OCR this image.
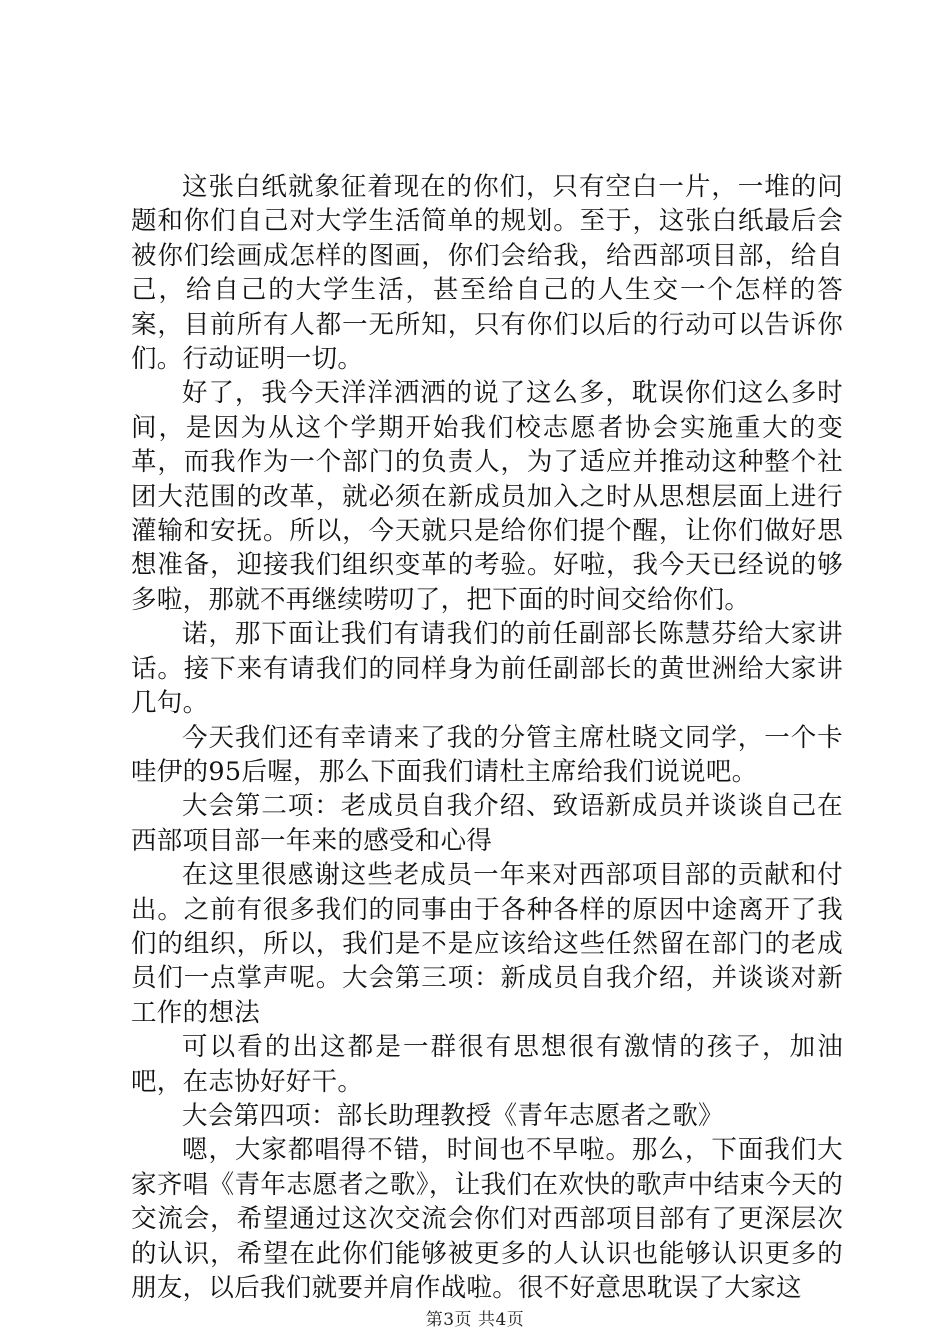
这张白纸就象征着现在的你们，只有空白一片，一堆的问题和你们自己对大学生活简单的规划。至于，这张白纸最后会被你们绘画成怎样的图画，你们会给我，给西部项目部，给自己，给自己的大学生活，甚至给自己的人生交一个怎样的答案，目前所有人都一无所知，只有你们以后的行动可以告诉你们。行动证明一切。

好了，我今天洋洋洒洒的说了这么多，耽误你们这么多时间，是因为从这个学期开始我们校志愿者协会实施重大的变革，而我作为一个部门的负责人，为了适应并推动这种整个社团大范围的改革，就必须在新成员加入之时从思想层面上进行灌输和安抚。所以，今天就只是给你们提个醒，让你们做好思想准备，迎接我们组织变革的考验。好啦，我今天已经说的够多啦，那就不再继续唠叨了，把下面的时间交给你们。

诺，那下面让我们有请我们的前任副部长陈慧芬给大家讲话。接下来有请我们的同样身为前任副部长的黄世洲给大家讲几句。

今天我们还有幸请来了我的分管主席杜晓文同学，一个卡哇伊的95后喔，那么下面我们请杜主席给我们说说吧。

大会第二项：老成员自我介绍、致语新成员并谈谈自己在西部项目部一年来的感受和心得

在这里很感谢这些老成员一年来对西部项目部的贡献和付出。之前有很多我们的同事由于各种各样的原因中途离开了我们的组织，所以，我们是不是应该给这些任然留在部门的老成员们一点掌声呢。大会第三项：新成员自我介绍，并谈谈对新工作的想法

可以看的出这都是一群很有思想很有激情的孩子，加油吧，在志协好好干。

大会第四项：部长助理教授《青年志愿者之歌》

嗯，大家都唱得不错，时间也不早啦。那么，下面我们大家齐唱《青年志愿者之歌》，让我们在欢快的歌声中结束今天的交流会，希望通过这次交流会你们对西部项目部有了更深层次的认识，希望在此你们能够被更多的人认识也能够认识更多的朋友，以后我们就要并肩作战啦。很不好意思耽误了大家这

第3页 共4页
